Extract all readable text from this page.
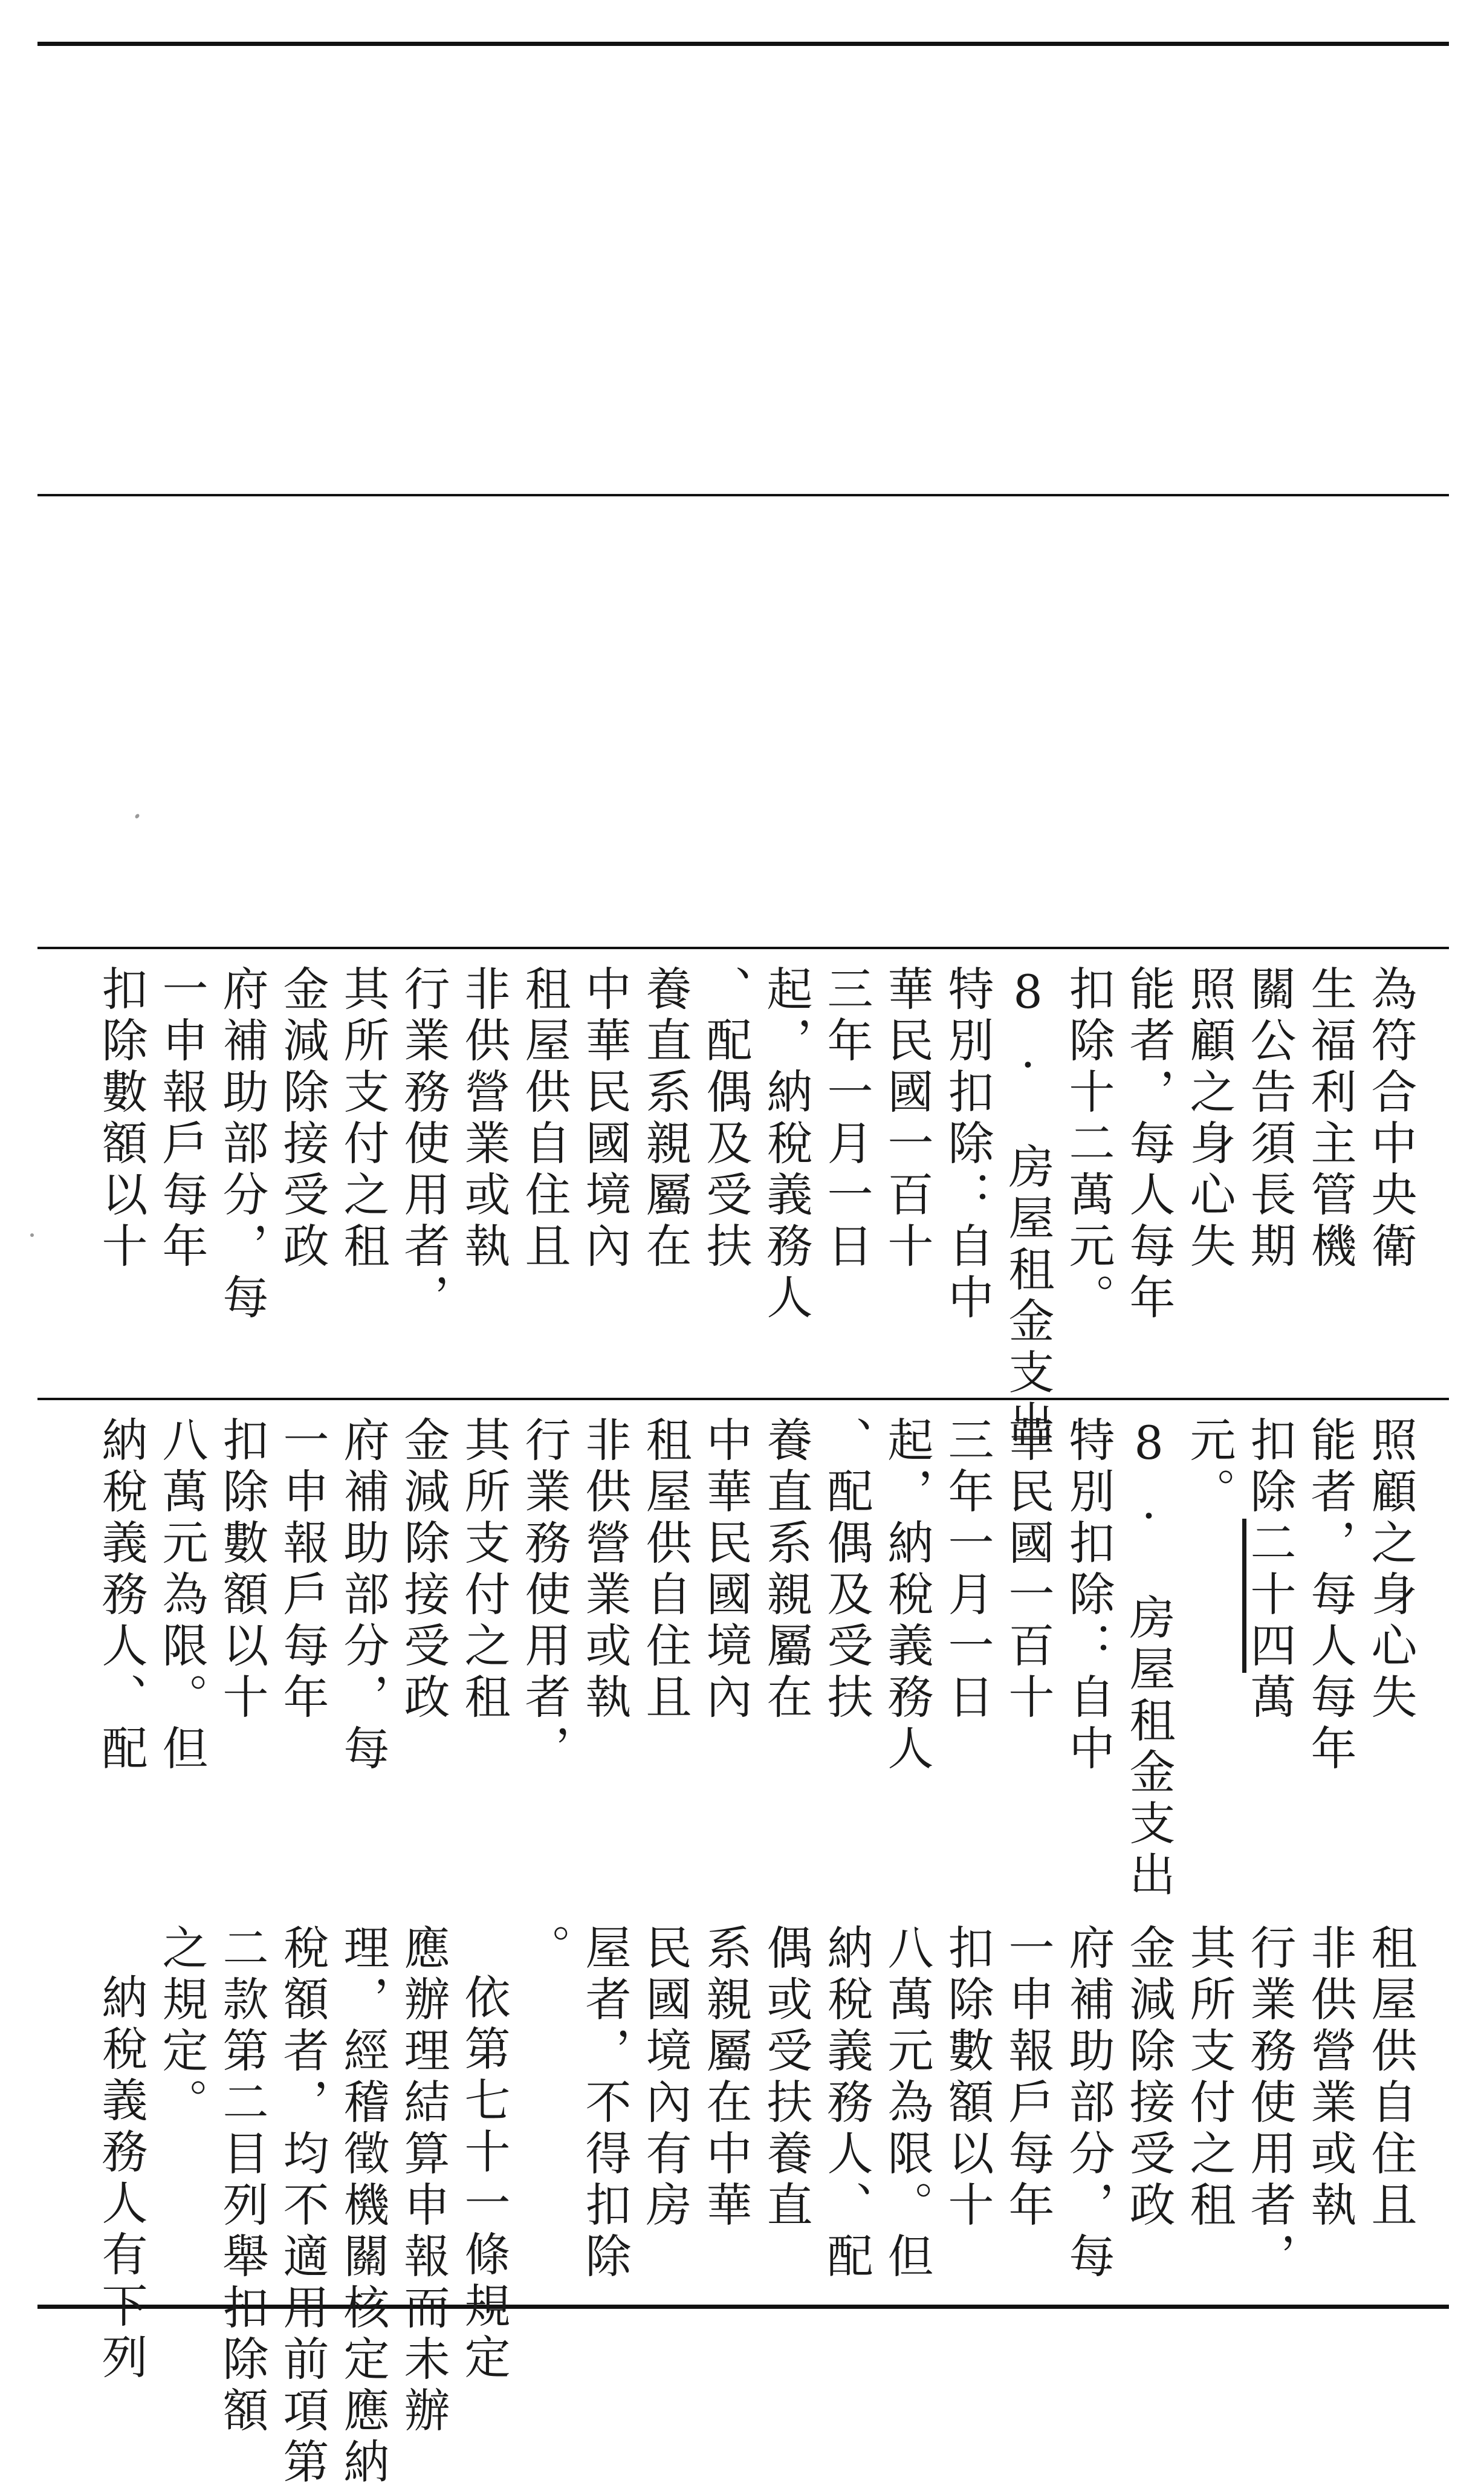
為符合中央衛
生福利主管機
關公告須長期
照顧之身心失
能者，每人每年
扣除十二萬元。
8. 房屋租金支出
特別扣除：自中
華民國一百十
三年一月一日
起，納稅義務人
、配偶及受扶
養直系親屬在
中華民國境內
租屋供自住且
非供營業或執
行業務使用者，
其所支付之租
金減除接受政
府補助部分，每
一申報戶每年
扣除數額以十
照顧之身心失
能者，每人每年
扣除二十四萬
元。
8. 房屋租金支出
特別扣除：自中
華民國一百十
三年一月一日
起，納稅義務人
、配偶及受扶
養直系親屬在
中華民國境內
租屋供自住且
非供營業或執
行業務使用者，
其所支付之租
金減除接受政
府補助部分，每
一申報戶每年
扣除數額以十
八萬元為限。但
納稅義務人、配
租屋供自住且
非供營業或執
行業務使用者，
其所支付之租
金減除接受政
府補助部分，每
一申報戶每年
扣除數額以十
八萬元為限。但
納稅義務人、配
偶或受扶養直
系親屬在中華
民國境內有房
屋者，不得扣除
。
依第七十一條規定
應辦理結算申報而未辦
理，經稽徵機關核定應納
稅額者，均不適用前項第
二款第二目列舉扣除額
之規定。
納稅義務人有下列
